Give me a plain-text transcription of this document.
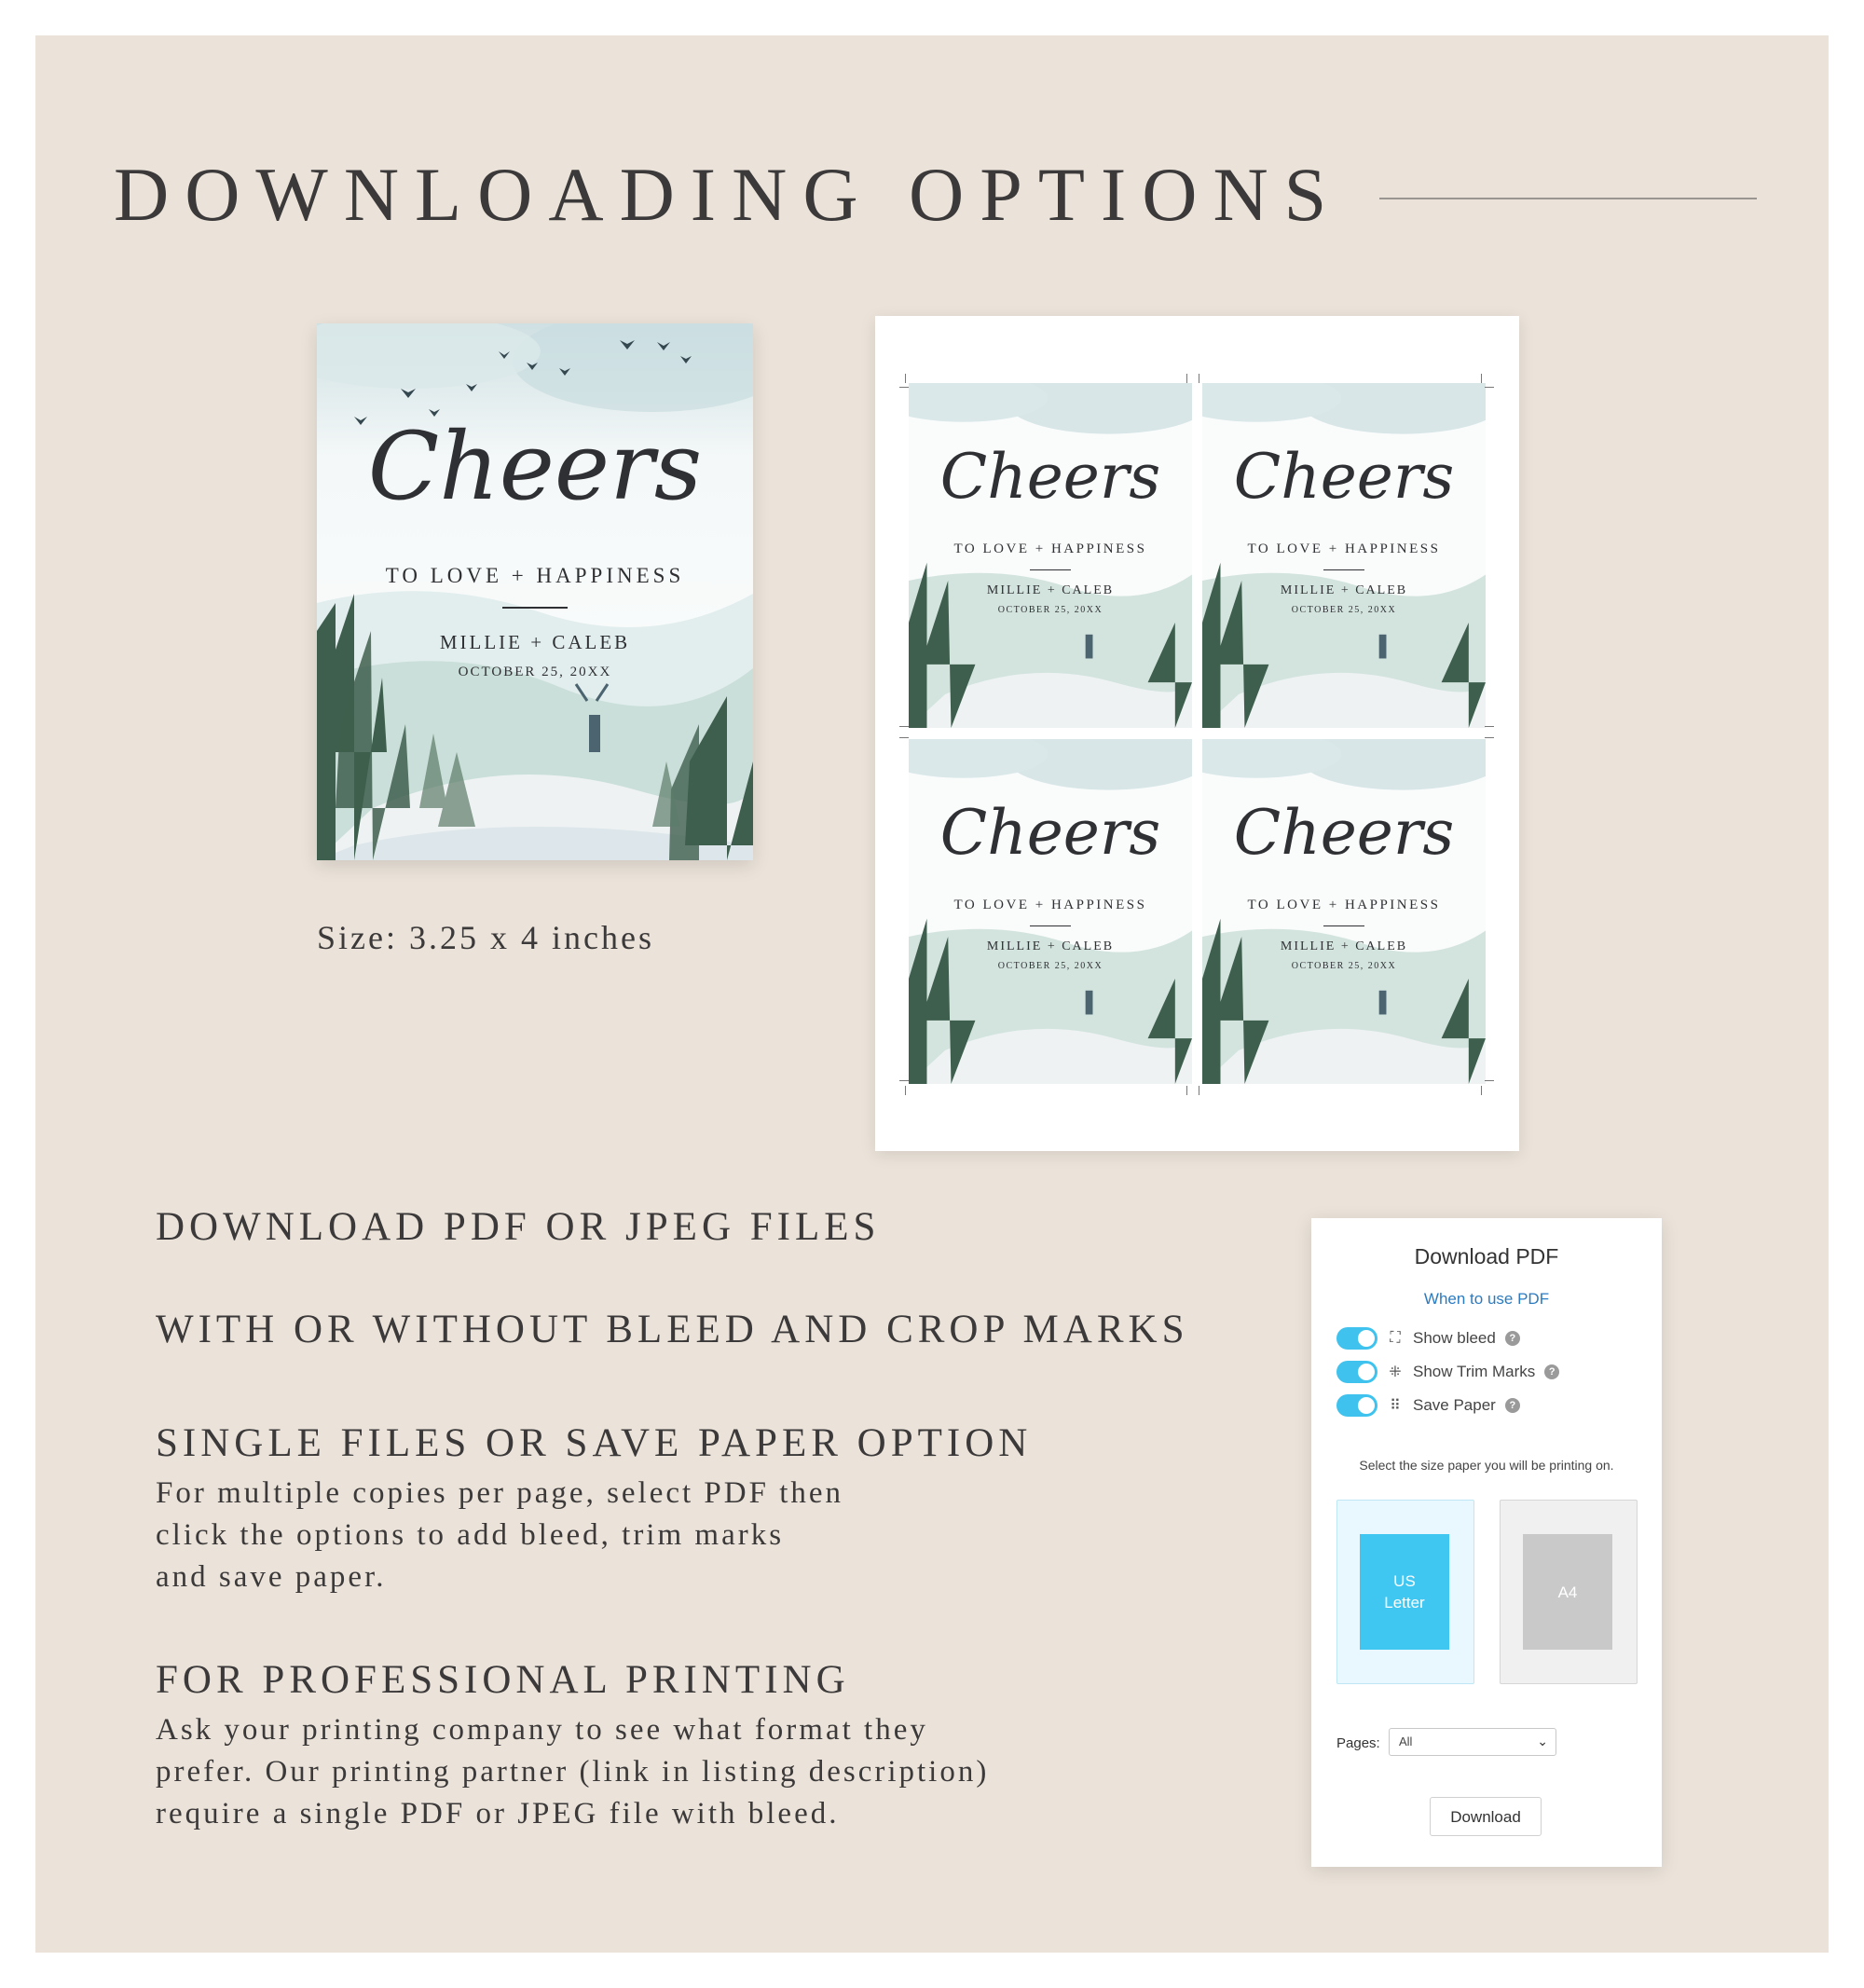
DOWNLOADING OPTIONS
Cheers
TO LOVE + HAPPINESS
MILLIE + CALEB
OCTOBER 25, 20XX
Size: 3.25 x 4 inches
Cheers
TO LOVE + HAPPINESS
MILLIE + CALEB
OCTOBER 25, 20XX
Cheers
TO LOVE + HAPPINESS
MILLIE + CALEB
OCTOBER 25, 20XX
Cheers
TO LOVE + HAPPINESS
MILLIE + CALEB
OCTOBER 25, 20XX
Cheers
TO LOVE + HAPPINESS
MILLIE + CALEB
OCTOBER 25, 20XX
DOWNLOAD PDF OR JPEG FILES
WITH OR WITHOUT BLEED AND CROP MARKS
SINGLE FILES OR SAVE PAPER OPTION
For multiple copies per page, select PDF then
click the options to add bleed, trim marks
and save paper.
FOR PROFESSIONAL PRINTING
Ask your printing company to see what format they
prefer. Our printing partner (link in listing description)
require a single PDF or JPEG file with bleed.
Download PDF
When to use PDF
⛶ Show bleed	?
⁜ Show Trim Marks	?
⠿ Save Paper	?
Select the size paper you will be printing on.
US
Letter
A4
Pages:	All	⌄
Download
